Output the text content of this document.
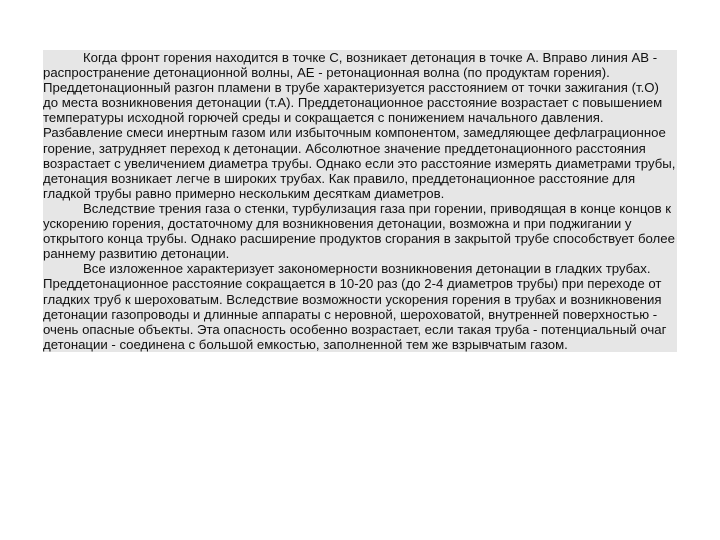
Когда фронт горения находится в точке С, возникает детонация в точке А. Вправо линия АВ - распространение детонационной волны, АЕ - ретонационная волна (по продуктам горения). Преддетонационный разгон пламени в трубе характеризуется расстоянием от точки зажигания (т.О) до места возникновения детонации (т.А). Преддетонационное расстояние возрастает с повышением температуры исходной горючей среды и сокращается с понижением начального давления. Разбавление смеси инертным газом или избыточным компонентом, замедляющее дефлаграционное горение, затрудняет переход к детонации. Абсолютное значение преддетонационного расстояния возрастает с увеличением диаметра трубы. Однако если это расстояние измерять диаметрами трубы, детонация возникает легче в широких трубах. Как правило, преддетонационное расстояние для гладкой трубы равно примерно нескольким десяткам диаметров.

Вследствие трения газа о стенки, турбулизация газа при горении, приводящая в конце концов к ускорению горения, достаточному для возникновения детонации, возможна и при поджигании у открытого конца трубы. Однако расширение продуктов сгорания в закрытой трубе способствует более раннему развитию детонации.

Все изложенное характеризует закономерности возникновения детонации в гладких трубах. Преддетонационное расстояние сокращается в 10-20 раз (до 2-4 диаметров трубы) при переходе от гладких труб к шероховатым. Вследствие возможности ускорения горения в трубах и возникновения детонации газопроводы и длинные аппараты с неровной, шероховатой, внутренней поверхностью - очень опасные объекты. Эта опасность особенно возрастает, если такая труба - потенциальный очаг детонации - соединена с большой емкостью, заполненной тем же взрывчатым газом.
